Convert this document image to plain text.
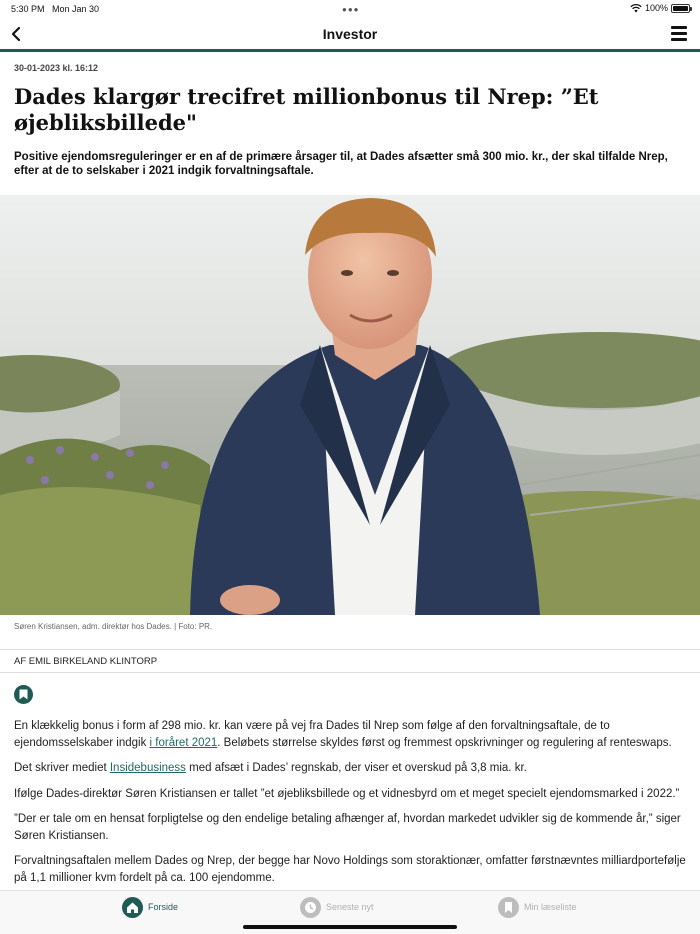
5:30 PM Mon Jan 30	●●●	100%
Investor
30-01-2023 kl. 16:12
Dades klargør trecifret millionbonus til Nrep: ”Et øjebliksbillede"
Positive ejendomsreguleringer er en af de primære årsager til, at Dades afsætter små 300 mio. kr., der skal tilfalde Nrep, efter at de to selskaber i 2021 indgik forvaltningsaftale.
Søren Kristiansen, adm. direktør hos Dades. | Foto: PR.
AF EMIL BIRKELAND KLINTORP

En klækkelig bonus i form af 298 mio. kr. kan være på vej fra Dades til Nrep som følge af den forvaltningsaftale, de to ejendomsselskaber indgik i foråret 2021. Beløbets størrelse skyldes først og fremmest opskrivninger og regulering af renteswaps.

Det skriver mediet Insidebusiness med afsæt i Dades’ regnskab, der viser et overskud på 3,8 mia. kr.

Ifølge Dades-direktør Søren Kristiansen er tallet ”et øjebliksbillede og et vidnesbyrd om et meget specielt ejendomsmarked i 2022.”

”Der er tale om en hensat forpligtelse og den endelige betaling afhænger af, hvordan markedet udvikler sig de kommende år,” siger Søren Kristiansen.

Forvaltningsaftalen mellem Dades og Nrep, der begge har Novo Holdings som storaktionær, omfatter førstnævntes milliardportefølje på 1,1 millioner kvm fordelt på ca. 100 ejendomme.

Forside	Seneste nyt	Min læseliste
